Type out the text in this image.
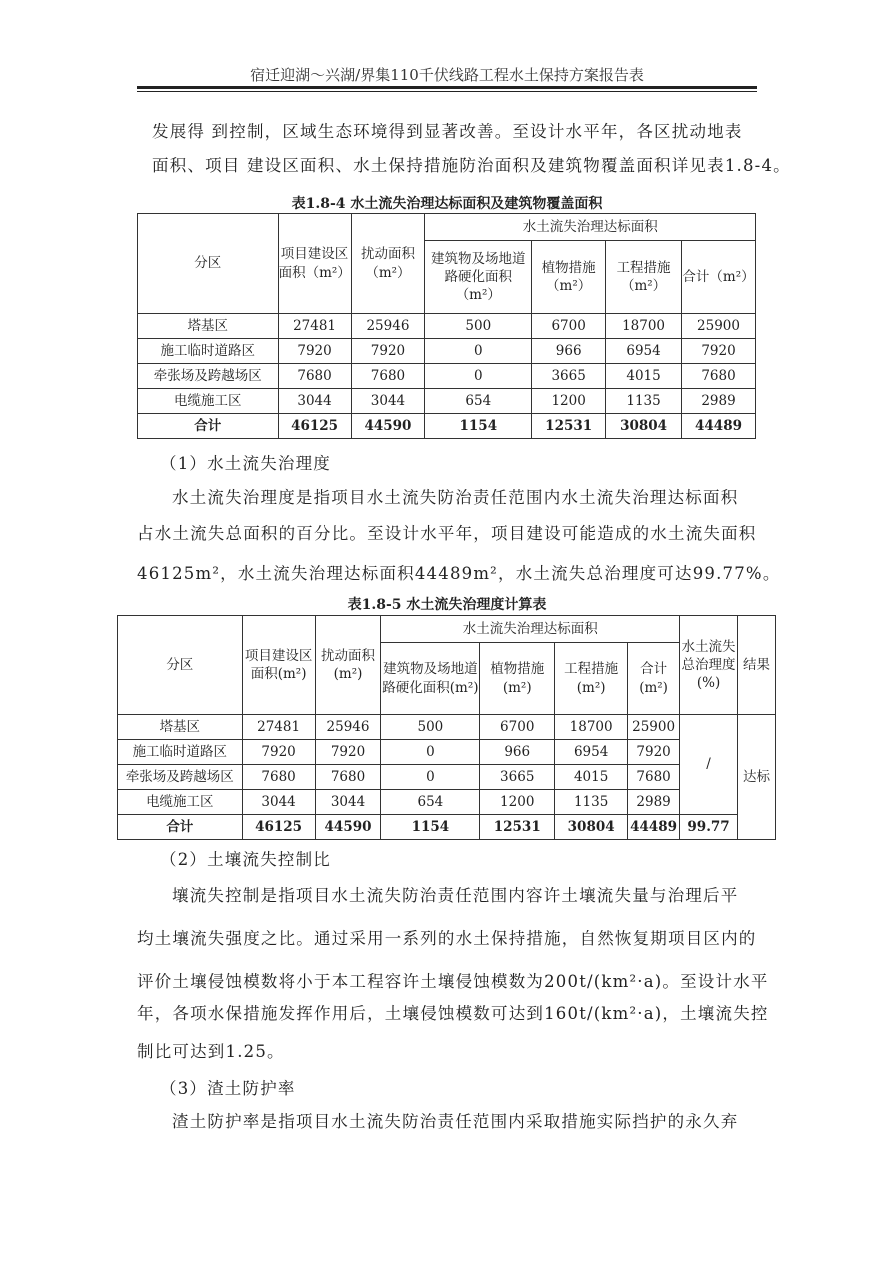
宿迁迎湖～兴湖/界集110千伏线路工程水土保持方案报告表
发展得 到控制，区域生态环境得到显著改善。至设计水平年，各区扰动地表
面积、项目 建设区面积、水土保持措施防治面积及建筑物覆盖面积详见表1.8-4。
表1.8-4 水土流失治理达标面积及建筑物覆盖面积
分区	项目建设区面积（m²）	扰动面积（m²）	水土流失治理达标面积			
			建筑物及场地道路硬化面积（m²）	植物措施（m²）	工程措施（m²）	合计（m²）
塔基区	27481	25946	500	6700	18700	25900
施工临时道路区	7920	7920	0	966	6954	7920
牵张场及跨越场区	7680	7680	0	3665	4015	7680
电缆施工区	3044	3044	654	1200	1135	2989
合计	46125	44590	1154	12531	30804	44489
（1）水土流失治理度
水土流失治理度是指项目水土流失防治责任范围内水土流失治理达标面积
占水土流失总面积的百分比。至设计水平年，项目建设可能造成的水土流失面积
46125m²，水土流失治理达标面积44489m²，水土流失总治理度可达99.77%。
表1.8-5 水土流失治理度计算表
分区	项目建设区面积(m²)	扰动面积(m²)	水土流失治理达标面积				水土流失总治理度(%)	结果
			建筑物及场地道路硬化面积(m²)	植物措施(m²)	工程措施(m²)	合计(m²)		
塔基区	27481	25946	500	6700	18700	25900	/	达标
施工临时道路区	7920	7920	0	966	6954	7920		
牵张场及跨越场区	7680	7680	0	3665	4015	7680		
电缆施工区	3044	3044	654	1200	1135	2989		
合计	46125	44590	1154	12531	30804	44489	99.77	
（2）土壤流失控制比
壤流失控制是指项目水土流失防治责任范围内容许土壤流失量与治理后平
均土壤流失强度之比。通过采用一系列的水土保持措施，自然恢复期项目区内的
评价土壤侵蚀模数将小于本工程容许土壤侵蚀模数为200t/(km²·a)。至设计水平
年，各项水保措施发挥作用后，土壤侵蚀模数可达到160t/(km²·a)，土壤流失控
制比可达到1.25。
（3）渣土防护率
渣土防护率是指项目水土流失防治责任范围内采取措施实际挡护的永久弃
